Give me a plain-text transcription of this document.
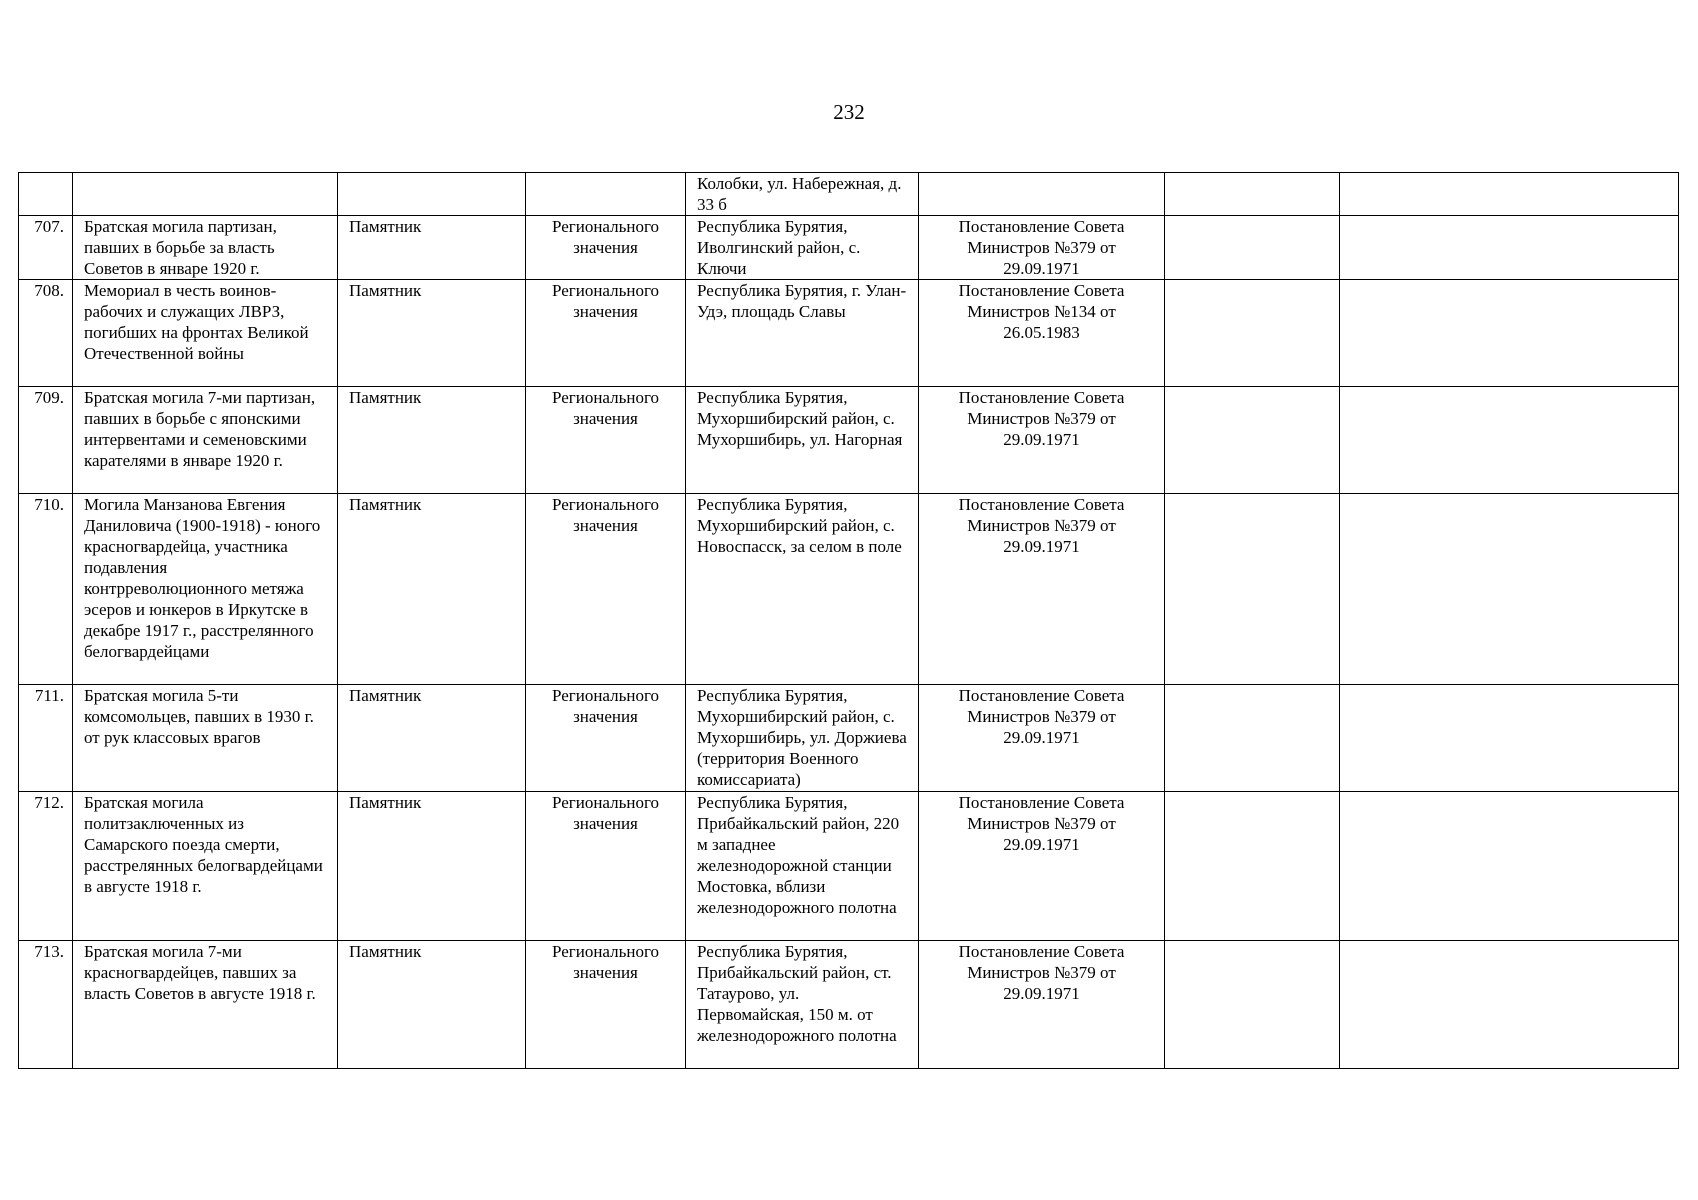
232
				Колобки, ул. Набережная, д. 33 б			
707.	Братская могила партизан, павших в борьбе за власть Советов в январе 1920 г.	Памятник	Регионального значения	Республика Бурятия, Иволгинский район, с. Ключи	Постановление Совета Министров №379 от 29.09.1971		
708.	Мемориал в честь воинов-рабочих и служащих ЛВРЗ, погибших на фронтах Великой Отечественной войны	Памятник	Регионального значения	Республика Бурятия, г. Улан-Удэ, площадь Славы	Постановление Совета Министров №134 от 26.05.1983		
709.	Братская могила 7-ми партизан, павших в борьбе с японскими интервентами и семеновскими карателями в январе 1920 г.	Памятник	Регионального значения	Республика Бурятия, Мухоршибирский район, с. Мухоршибирь, ул. Нагорная	Постановление Совета Министров №379 от 29.09.1971		
710.	Могила Манзанова Евгения Даниловича (1900-1918) - юного красногвардейца, участника подавления контрреволюционного метяжа эсеров и юнкеров в Иркутске в декабре 1917 г., расстрелянного белогвардейцами	Памятник	Регионального значения	Республика Бурятия, Мухоршибирский район, с. Новоспасск, за селом в поле	Постановление Совета Министров №379 от 29.09.1971		
711.	Братская могила 5-ти комсомольцев, павших в 1930 г. от рук классовых врагов	Памятник	Регионального значения	Республика Бурятия, Мухоршибирский район, с. Мухоршибирь, ул. Доржиева (территория Военного комиссариата)	Постановление Совета Министров №379 от 29.09.1971		
712.	Братская могила политзаключенных из Самарского поезда смерти, расстрелянных белогвардейцами в августе 1918 г.	Памятник	Регионального значения	Республика Бурятия, Прибайкальский район, 220 м западнее железнодорожной станции Мостовка, вблизи железнодорожного полотна	Постановление Совета Министров №379 от 29.09.1971		
713.	Братская могила 7-ми красногвардейцев, павших за власть Советов в августе 1918 г.	Памятник	Регионального значения	Республика Бурятия, Прибайкальский район, ст. Татаурово, ул. Первомайская, 150 м. от железнодорожного полотна	Постановление Совета Министров №379 от 29.09.1971		
